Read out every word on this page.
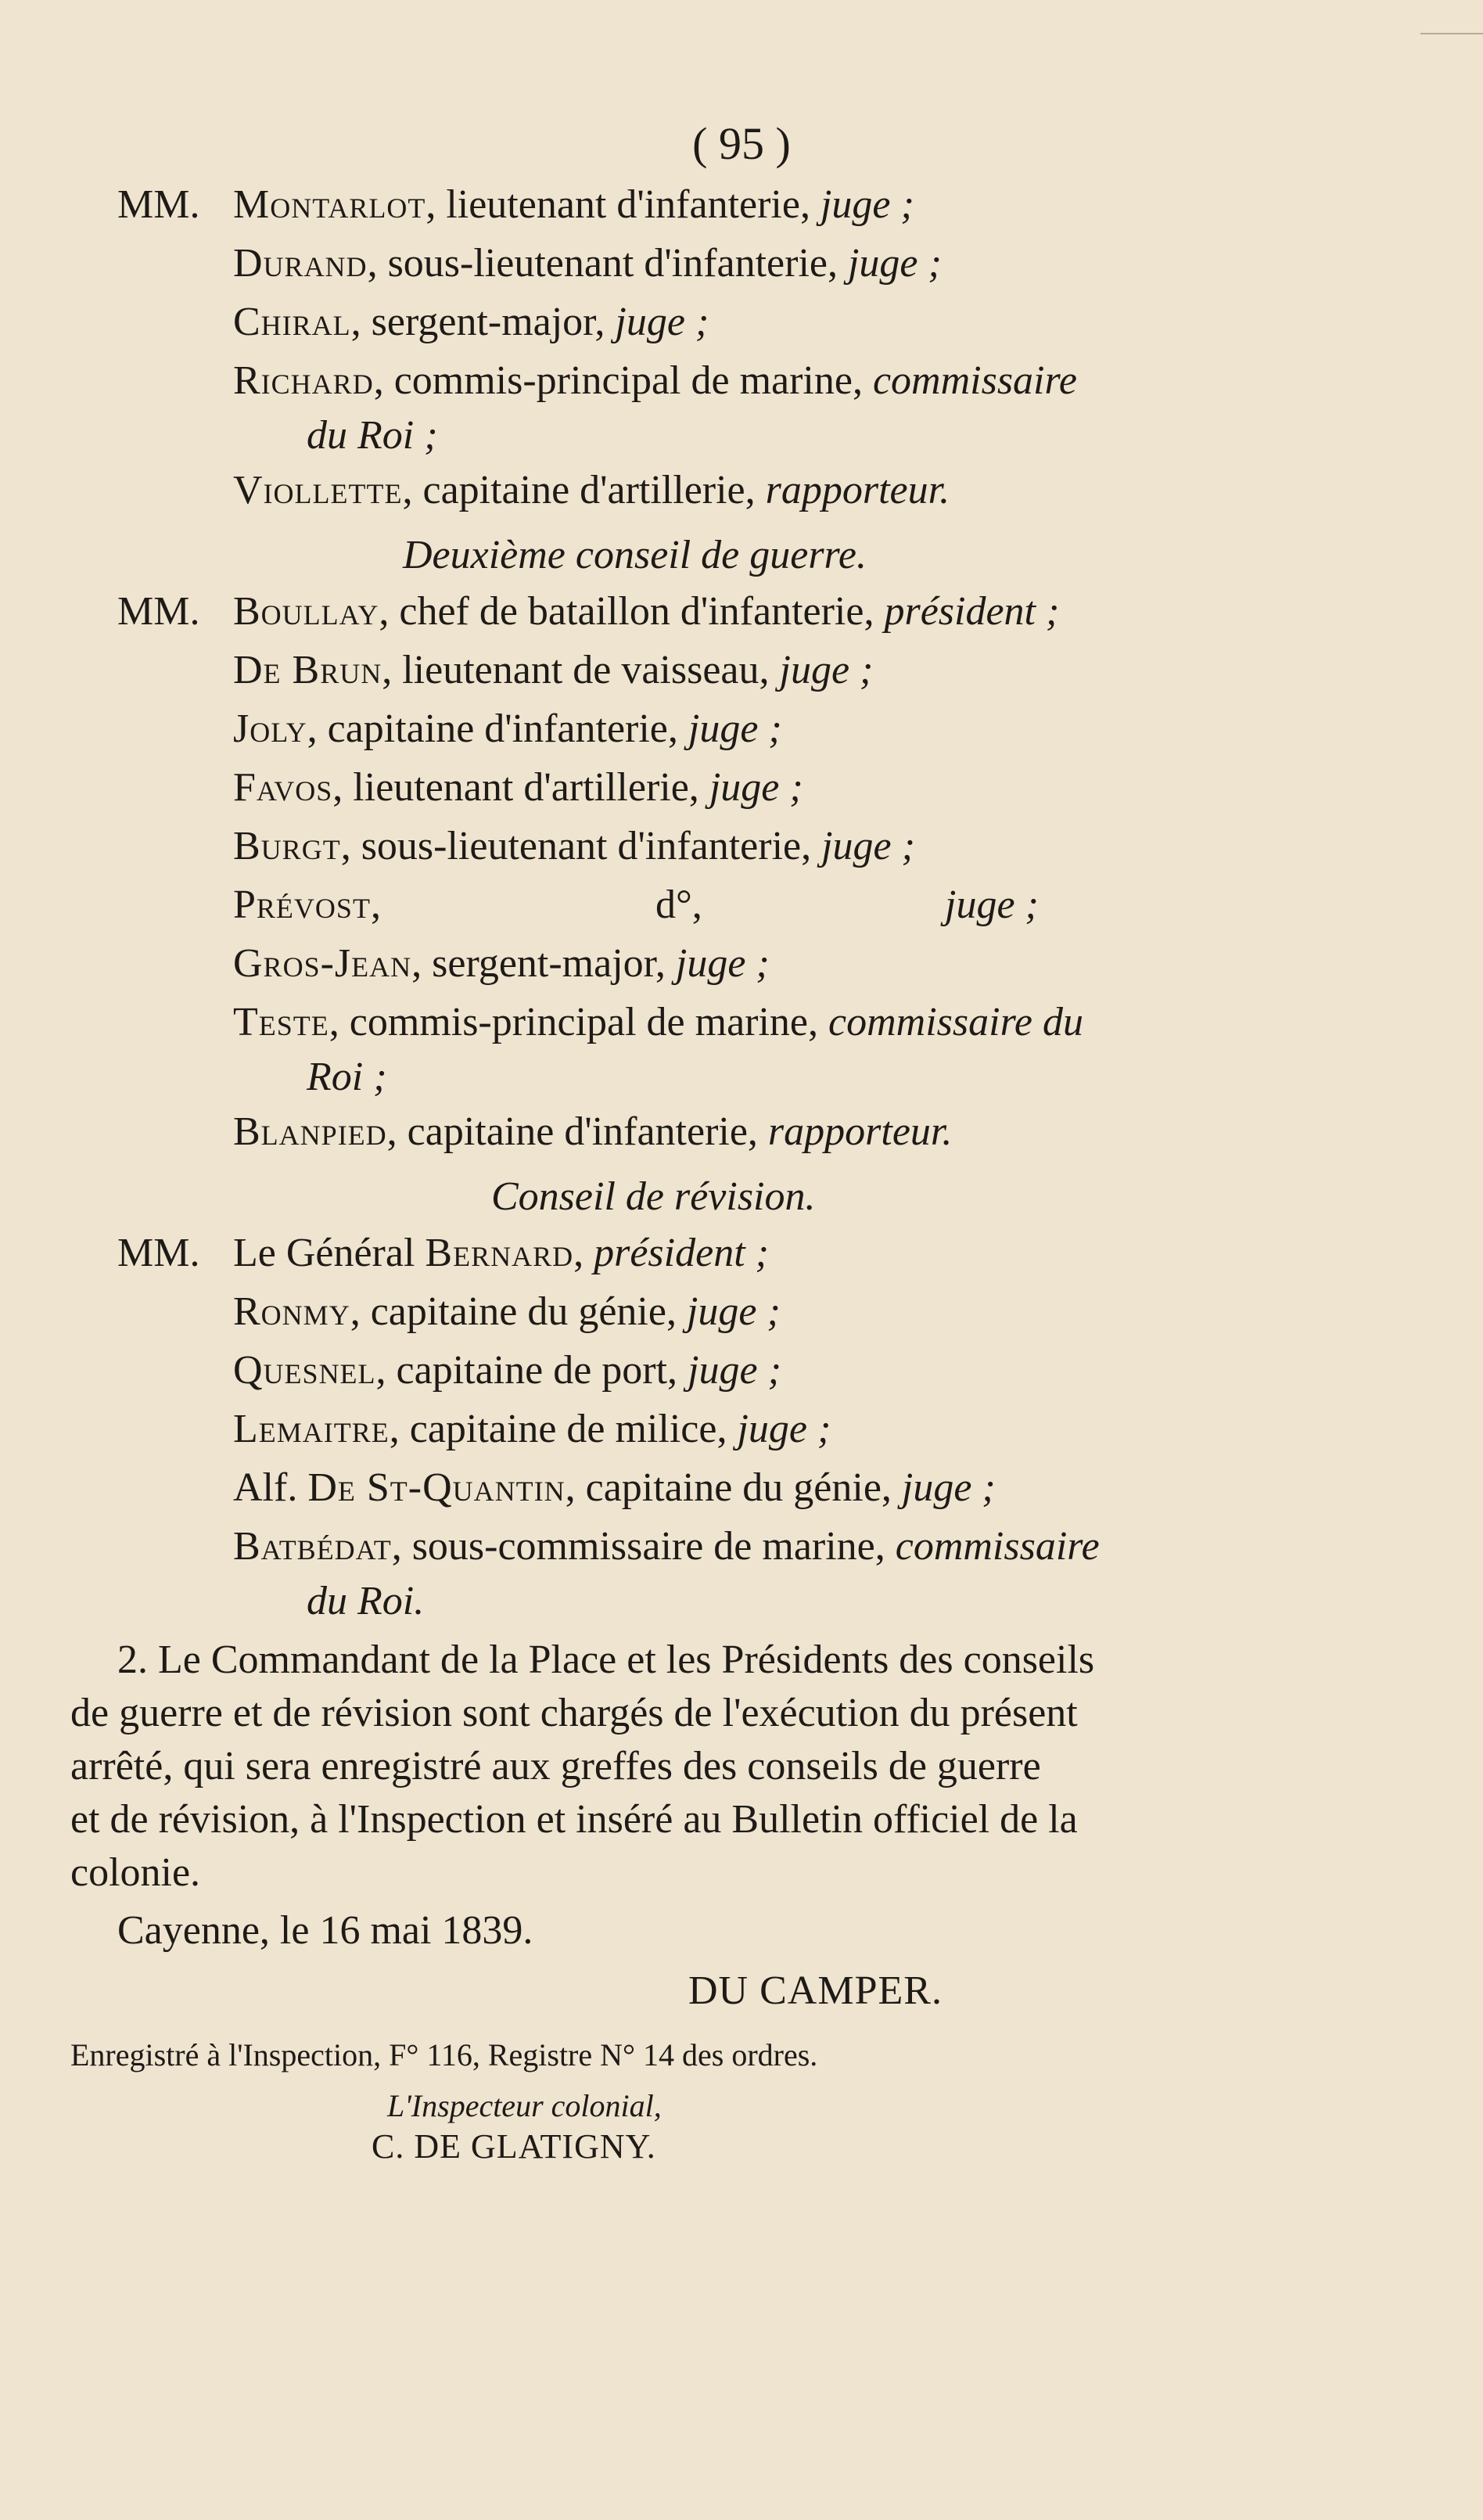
( 95 )
MM. Montarlot, lieutenant d'infanterie, juge ;
Durand, sous-lieutenant d'infanterie, juge ;
Chiral, sergent-major, juge ;
Richard, commis-principal de marine, commissaire
du Roi ;
Viollette, capitaine d'artillerie, rapporteur.
Deuxième conseil de guerre.
MM. Boullay, chef de bataillon d'infanterie, président ;
De Brun, lieutenant de vaisseau, juge ;
Joly, capitaine d'infanterie, juge ;
Favos, lieutenant d'artillerie, juge ;
Burgt, sous-lieutenant d'infanterie, juge ;
Prévost,	d°,	juge ;
Gros-Jean, sergent-major, juge ;
Teste, commis-principal de marine, commissaire du
Roi ;
Blanpied, capitaine d'infanterie, rapporteur.
Conseil de révision.
MM. Le Général Bernard, président ;
Ronmy, capitaine du génie, juge ;
Quesnel, capitaine de port, juge ;
Lemaitre, capitaine de milice, juge ;
Alf. De St-Quantin, capitaine du génie, juge ;
Batbédat, sous-commissaire de marine, commissaire
du Roi.
2. Le Commandant de la Place et les Présidents des conseils
de guerre et de révision sont chargés de l'exécution du présent
arrêté, qui sera enregistré aux greffes des conseils de guerre
et de révision, à l'Inspection et inséré au Bulletin officiel de la
colonie.
Cayenne, le 16 mai 1839.
DU CAMPER.
Enregistré à l'Inspection, F° 116, Registre N° 14 des ordres.
L'Inspecteur colonial,
C. DE GLATIGNY.
